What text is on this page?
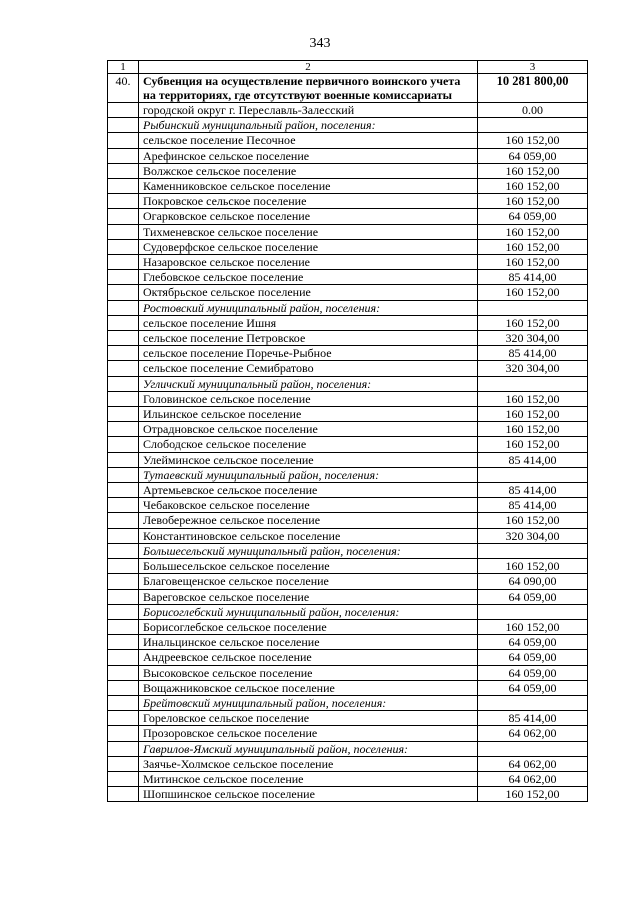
343
1	2	3
40.	Субвенция на осуществление первичного воинского учета на территориях, где отсутствуют военные комиссариаты	10 281 800,00
	городской округ г. Переславль-Залесский	0.00
	Рыбинский муниципальный район, поселения:	
	сельское поселение Песочное	160 152,00
	Арефинское сельское поселение	64 059,00
	Волжское сельское поселение	160 152,00
	Каменниковское сельское поселение	160 152,00
	Покровское сельское поселение	160 152,00
	Огарковское сельское поселение	64 059,00
	Тихменевское сельское поселение	160 152,00
	Судоверфское сельское поселение	160 152,00
	Назаровское сельское поселение	160 152,00
	Глебовское сельское поселение	85 414,00
	Октябрьское сельское поселение	160 152,00
	Ростовский муниципальный район, поселения:	
	сельское поселение Ишня	160 152,00
	сельское поселение Петровское	320 304,00
	сельское поселение Поречье-Рыбное	85 414,00
	сельское поселение Семибратово	320 304,00
	Угличский муниципальный район, поселения:	
	Головинское сельское поселение	160 152,00
	Ильинское сельское поселение	160 152,00
	Отрадновское сельское поселение	160 152,00
	Слободское сельское поселение	160 152,00
	Улейминское сельское поселение	85 414,00
	Тутаевский муниципальный район, поселения:	
	Артемьевское сельское поселение	85 414,00
	Чебаковское сельское поселение	85 414,00
	Левобережное сельское поселение	160 152,00
	Константиновское сельское поселение	320 304,00
	Большесельский муниципальный район, поселения:	
	Большесельское сельское поселение	160 152,00
	Благовещенское сельское поселение	64 090,00
	Вареговское сельское поселение	64 059,00
	Борисоглебский муниципальный район, поселения:	
	Борисоглебское сельское поселение	160 152,00
	Инальцинское сельское поселение	64 059,00
	Андреевское сельское поселение	64 059,00
	Высоковское сельское поселение	64 059,00
	Вощажниковское сельское поселение	64 059,00
	Брейтовский муниципальный район, поселения:	
	Гореловское сельское поселение	85 414,00
	Прозоровское сельское поселение	64 062,00
	Гаврилов-Ямский муниципальный район, поселения:	
	Заячье-Холмское сельское поселение	64 062,00
	Митинское сельское поселение	64 062,00
	Шопшинское сельское поселение	160 152,00
